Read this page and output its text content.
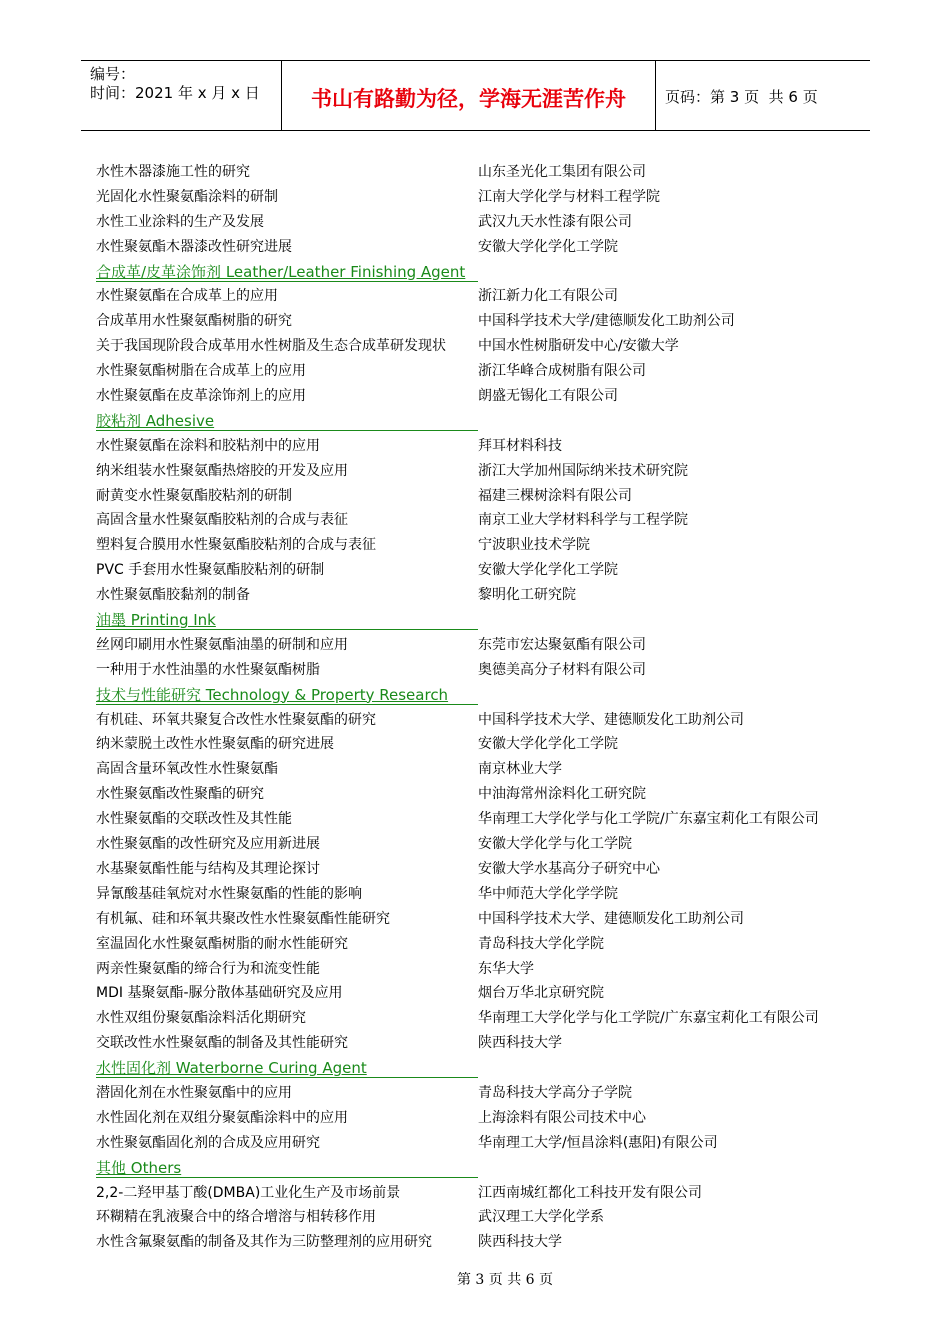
编号：
时间：2021 年 x 月 x 日	书山有路勤为径，学海无涯苦作舟	页码：第 3 页  共 6 页
水性木器漆施工性的研究	山东圣光化工集团有限公司
光固化水性聚氨酯涂料的研制	江南大学化学与材料工程学院
水性工业涂料的生产及发展	武汉九天水性漆有限公司
水性聚氨酯木器漆改性研究进展	安徽大学化学化工学院
合成革/皮革涂饰剂 Leather/Leather Finishing Agent
水性聚氨酯在合成革上的应用	浙江新力化工有限公司
合成革用水性聚氨酯树脂的研究	中国科学技术大学/建德顺发化工助剂公司
关于我国现阶段合成革用水性树脂及生态合成革研发现状 中国水性树脂研发中心/安徽大学
水性聚氨酯树脂在合成革上的应用	浙江华峰合成树脂有限公司
水性聚氨酯在皮革涂饰剂上的应用	朗盛无锡化工有限公司
胶粘剂 Adhesive
水性聚氨酯在涂料和胶粘剂中的应用	拜耳材料科技
纳米组装水性聚氨酯热熔胶的开发及应用	浙江大学加州国际纳米技术研究院
耐黄变水性聚氨酯胶粘剂的研制	福建三棵树涂料有限公司
高固含量水性聚氨酯胶粘剂的合成与表征	南京工业大学材料科学与工程学院
塑料复合膜用水性聚氨酯胶粘剂的合成与表征	宁波职业技术学院
PVC 手套用水性聚氨酯胶粘剂的研制	安徽大学化学化工学院
水性聚氨酯胶黏剂的制备	黎明化工研究院
油墨 Printing Ink
丝网印刷用水性聚氨酯油墨的研制和应用	东莞市宏达聚氨酯有限公司
一种用于水性油墨的水性聚氨酯树脂	奥德美高分子材料有限公司
技术与性能研究 Technology & Property Research
有机硅、环氧共聚复合改性水性聚氨酯的研究	中国科学技术大学、建德顺发化工助剂公司
纳米蒙脱土改性水性聚氨酯的研究进展	安徽大学化学化工学院
高固含量环氧改性水性聚氨酯	南京林业大学
水性聚氨酯改性聚酯的研究	中油海常州涂料化工研究院
水性聚氨酯的交联改性及其性能	华南理工大学化学与化工学院/广东嘉宝莉化工有限公司
水性聚氨酯的改性研究及应用新进展	安徽大学化学与化工学院
水基聚氨酯性能与结构及其理论探讨	安徽大学水基高分子研究中心
异氰酸基硅氧烷对水性聚氨酯的性能的影响	华中师范大学化学学院
有机氟、硅和环氧共聚改性水性聚氨酯性能研究	中国科学技术大学、建德顺发化工助剂公司
室温固化水性聚氨酯树脂的耐水性能研究	青岛科技大学化学院
两亲性聚氨酯的缔合行为和流变性能	东华大学
MDI 基聚氨酯-脲分散体基础研究及应用	烟台万华北京研究院
水性双组份聚氨酯涂料活化期研究	华南理工大学化学与化工学院/广东嘉宝莉化工有限公司
交联改性水性聚氨酯的制备及其性能研究	陕西科技大学
水性固化剂 Waterborne Curing Agent
潜固化剂在水性聚氨酯中的应用	青岛科技大学高分子学院
水性固化剂在双组分聚氨酯涂料中的应用	上海涂料有限公司技术中心
水性聚氨酯固化剂的合成及应用研究	华南理工大学/恒昌涂料(惠阳)有限公司
其他 Others
2,2-二羟甲基丁酸(DMBA)工业化生产及市场前景	江西南城红都化工科技开发有限公司
环糊精在乳液聚合中的络合增溶与相转移作用	武汉理工大学化学系
水性含氟聚氨酯的制备及其作为三防整理剂的应用研究	陕西科技大学
第 3 页 共 6 页
